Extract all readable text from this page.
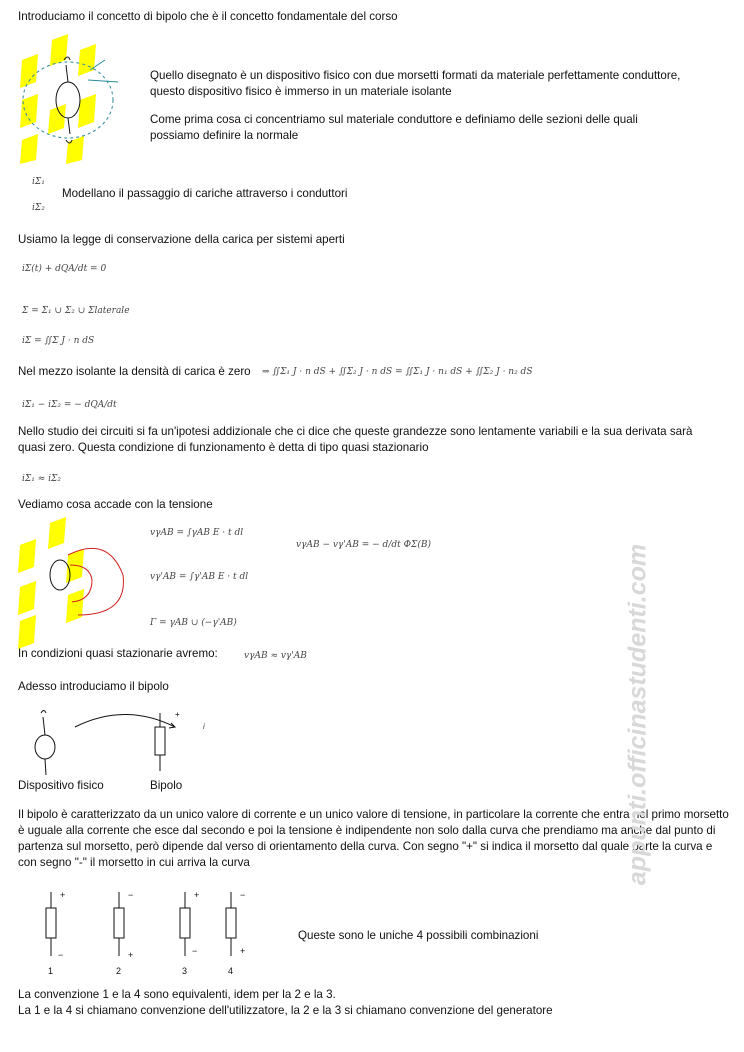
Introduciamo il concetto di bipolo che è il concetto fondamentale del corso
Quello disegnato è un dispositivo fisico con due morsetti formati da materiale perfettamente conduttore, questo dispositivo fisico è immerso in un materiale isolante
Come prima cosa ci concentriamo sul materiale conduttore e definiamo delle sezioni delle quali possiamo definire la normale
iΣ₁
Modellano il passaggio di cariche attraverso i conduttori
iΣ₂
Usiamo la legge di conservazione della carica per sistemi aperti
iΣ(t) + dQA/dt = 0
Σ = Σ₁ ∪ Σ₂ ∪ Σlaterale
iΣ = ∬Σ J · n dS
Nel mezzo isolante la densità di carica è zero ⇒ ∬Σ₁ J · n dS + ∬Σ₂ J · n dS = ∬Σ₁ J · n₁ dS + ∬Σ₂ J · n₂ dS
iΣ₁ − iΣ₂ = − dQA/dt
Nello studio dei circuiti si fa un'ipotesi addizionale che ci dice che queste grandezze sono lentamente variabili e la sua derivata sarà quasi zero. Questa condizione di funzionamento è detta di tipo quasi stazionario
iΣ₁ ≈ iΣ₂
Vediamo cosa accade con la tensione
vγAB = ∫γAB E · t dl
vγ'AB = ∫γ'AB E · t dl
Γ = γAB ∪ (−γ'AB)
vγAB − vγ'AB = − d/dt ΦΣ(B)
In condizioni quasi stazionarie avremo:	vγAB ≈ vγ'AB
Adesso introduciamo il bipolo
+
i
Dispositivo fisico	Bipolo
Il bipolo è caratterizzato da un unico valore di corrente e un unico valore di tensione, in particolare la corrente che entra nel primo morsetto è uguale alla corrente che esce dal secondo e poi la tensione è indipendente non solo dalla curva che prendiamo ma anche dal punto di partenza sul morsetto, però dipende dal verso di orientamento della curva. Con segno "+" si indica il morsetto dal quale parte la curva e con segno "-" il morsetto in cui arriva la curva
+
−
−
+
+
−
−
+
1	2	3	4
Queste sono le uniche 4 possibili combinazioni
La convenzione 1 e la 4 sono equivalenti, idem per la 2 e la 3.
La 1 e la 4 si chiamano convenzione dell'utilizzatore, la 2 e la 3 si chiamano convenzione del generatore
appunti.officinastudenti.com
